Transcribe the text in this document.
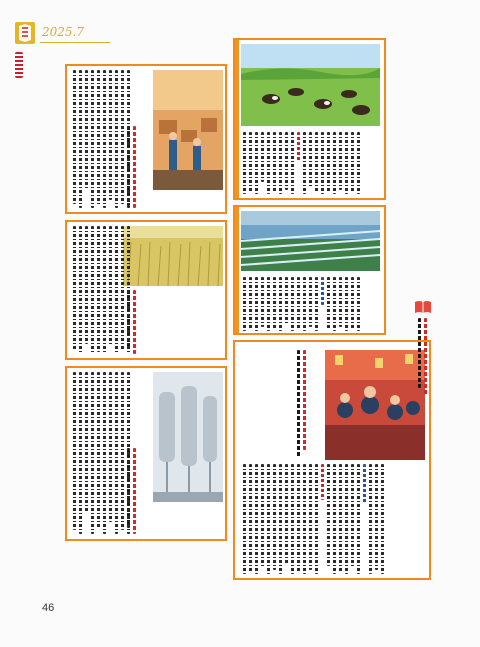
2025.7
46
